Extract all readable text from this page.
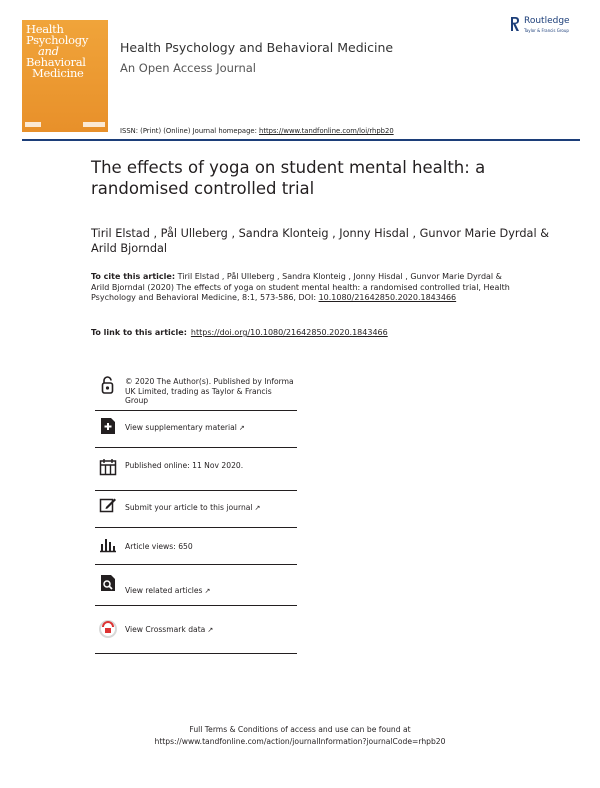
Health
Psychology
and
Behavioral
Medicine
Health Psychology and Behavioral Medicine
An Open Access Journal
ISSN: (Print) (Online) Journal homepage: https://www.tandfonline.com/loi/rhpb20
Routledge
Taylor & Francis Group
The effects of yoga on student mental health: a randomised controlled trial
Tiril Elstad , Pål Ulleberg , Sandra Klonteig , Jonny Hisdal , Gunvor Marie Dyrdal & Arild Bjorndal
To cite this article: Tiril Elstad , Pål Ulleberg , Sandra Klonteig , Jonny Hisdal , Gunvor Marie Dyrdal & Arild Bjorndal (2020) The effects of yoga on student mental health: a randomised controlled trial, Health Psychology and Behavioral Medicine, 8:1, 573-586, DOI: 10.1080/21642850.2020.1843466
To link to this article: https://doi.org/10.1080/21642850.2020.1843466
© 2020 The Author(s). Published by Informa UK Limited, trading as Taylor & Francis Group
View supplementary material ↗
Published online: 11 Nov 2020.
Submit your article to this journal ↗
Article views: 650
View related articles ↗
View Crossmark data ↗
Full Terms & Conditions of access and use can be found at
https://www.tandfonline.com/action/journalInformation?journalCode=rhpb20
